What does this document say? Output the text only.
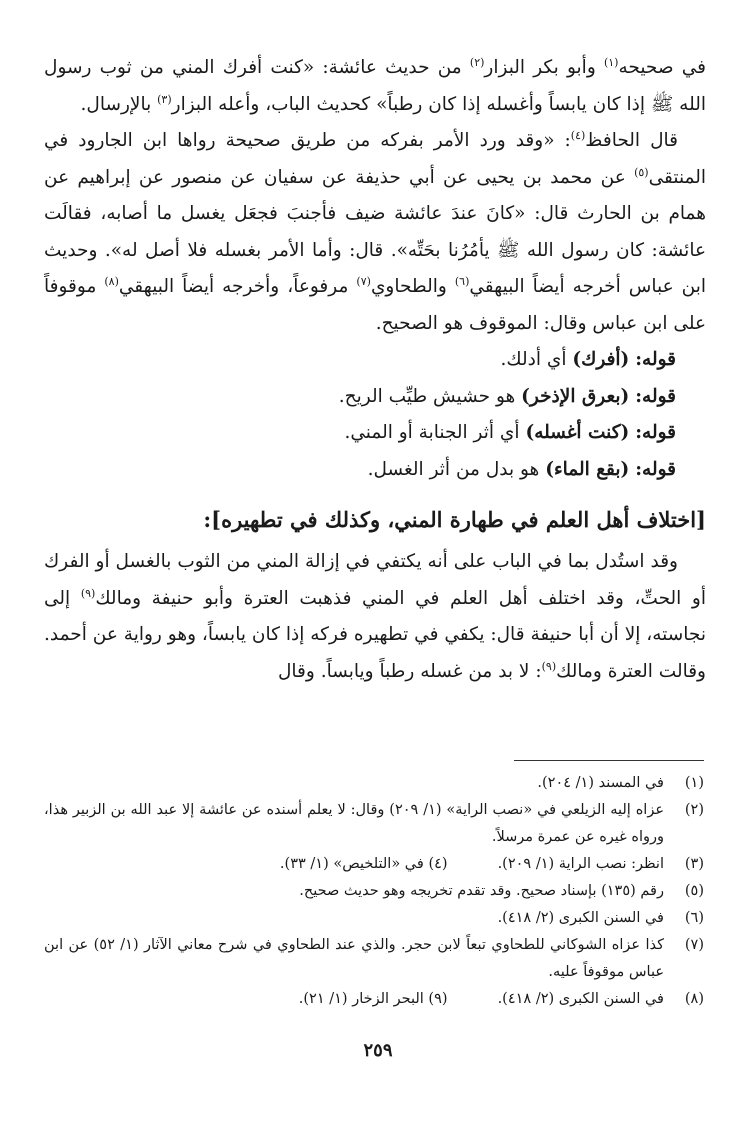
في صحيحه$^{(١)}$ وأبو بكر البزار$^{(٢)}$ من حديث عائشة: «كنت أفرك المني من ثوب رسول الله ﷺ إذا كان يابساً وأغسله إذا كان رطباً» كحديث الباب، وأعله البزار$^{(٣)}$ بالإرسال.

قال الحافظ$^{(٤)}$: «وقد ورد الأمر بفركه من طريق صحيحة رواها ابن الجارود في المنتقى$^{(٥)}$ عن محمد بن يحيى عن أبي حذيفة عن سفيان عن منصور عن إبراهيم عن همام بن الحارث قال: «كانَ عندَ عائشة ضيف فأجنبَ فجعَل يغسل ما أصابه، فقالَت عائشة: كان رسول الله ﷺ يأمُرُنا بحَتِّه». قال: وأما الأمر بغسله فلا أصل له». وحديث ابن عباس أخرجه أيضاً البيهقي$^{(٦)}$ والطحاوي$^{(٧)}$ مرفوعاً، وأخرجه أيضاً البيهقي$^{(٨)}$ موقوفاً على ابن عباس وقال: الموقوف هو الصحيح.

قوله: (أفرك) أي أدلك.

قوله: (بعرق الإذخر) هو حشيش طيِّب الريح.

قوله: (كنت أغسله) أي أثر الجنابة أو المني.

قوله: (بقع الماء) هو بدل من أثر الغسل.

[اختلاف أهل العلم في طهارة المني، وكذلك في تطهيره]:

وقد استُدل بما في الباب على أنه يكتفي في إزالة المني من الثوب بالغسل أو الفرك أو الحتِّ، وقد اختلف أهل العلم في المني فذهبت العترة وأبو حنيفة ومالك$^{(٩)}$ إلى نجاسته، إلا أن أبا حنيفة قال: يكفي في تطهيره فركه إذا كان يابساً، وهو رواية عن أحمد. وقالت العترة ومالك$^{(٩)}$: لا بد من غسله رطباً ويابساً. وقال

(١)
في المسند (١/ ٢٠٤).
(٢)
عزاه إليه الزيلعي في «نصب الراية» (١/ ٢٠٩) وقال: لا يعلم أسنده عن عائشة إلا عبد الله بن الزبير هذا، ورواه غيره عن عمرة مرسلاً.
(٣)
انظر: نصب الراية (١/ ٢٠٩).(٤) في «التلخيص» (١/ ٣٣).
(٥)
رقم (١٣٥) بإسناد صحيح. وقد تقدم تخريجه وهو حديث صحيح.
(٦)
في السنن الكبرى (٢/ ٤١٨).
(٧)
كذا عزاه الشوكاني للطحاوي تبعاً لابن حجر. والذي عند الطحاوي في شرح معاني الآثار (١/ ٥٢) عن ابن عباس موقوفاً عليه.
(٨)
في السنن الكبرى (٢/ ٤١٨).(٩) البحر الزخار (١/ ٢١).
٢٥٩
